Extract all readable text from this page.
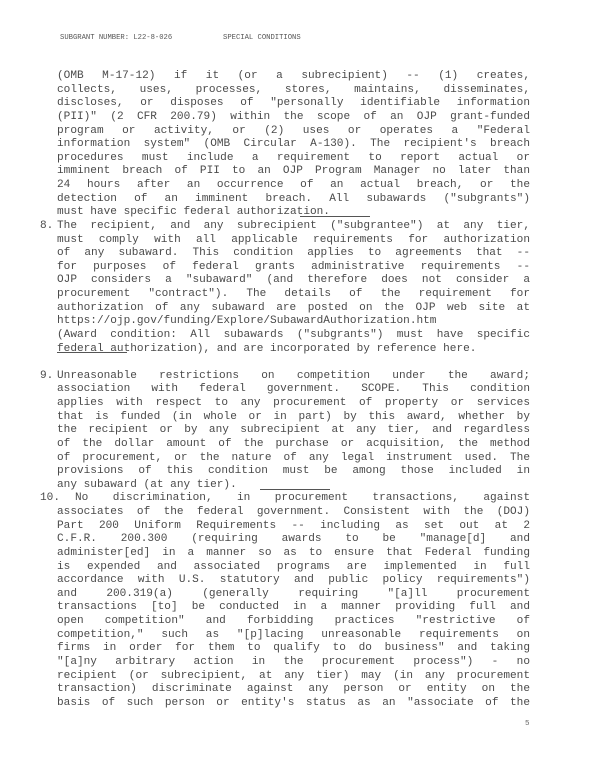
SUBGRANT NUMBER: L22-8-026

	SPECIAL CONDITIONS

(OMB M-17-12) if it (or a subrecipient) -- (1) creates,
collects, uses, processes, stores, maintains, disseminates,
discloses, or disposes of "personally identifiable information
(PII)" (2 CFR 200.79) within the scope of an OJP grant-funded
program or activity, or (2) uses or operates a "Federal
information system" (OMB Circular A-130). The recipient's breach
procedures must include a requirement to report actual or
imminent breach of PII to an OJP Program Manager no later than
24 hours after an occurrence of an actual breach, or the
detection of an imminent breach. All subawards ("subgrants")
must have specific federal authorization.
8. The recipient, and any subrecipient ("subgrantee") at any tier,
must comply with all applicable requirements for authorization
of any subaward. This condition applies to agreements that --
for purposes of federal grants administrative requirements --
OJP considers a "subaward" (and therefore does not consider a
procurement "contract"). The details of the requirement for
authorization of any subaward are posted on the OJP web site at
https://ojp.gov/funding/Explore/SubawardAuthorization.htm
(Award condition: All subawards ("subgrants") must have specific
federal authorization), and are incorporated by reference here.
9. Unreasonable restrictions on competition under the award;
association with federal government. SCOPE. This condition
applies with respect to any procurement of property or services
that is funded (in whole or in part) by this award, whether by
the recipient or by any subrecipient at any tier, and regardless
of the dollar amount of the purchase or acquisition, the method
of procurement, or the nature of any legal instrument used. The
provisions of this condition must be among those included in
any subaward (at any tier).
10. No discrimination, in procurement transactions, against
associates of the federal government. Consistent with the (DOJ)
Part 200 Uniform Requirements -- including as set out at 2
C.F.R. 200.300 (requiring awards to be "manage[d] and
administer[ed] in a manner so as to ensure that Federal funding
is expended and associated programs are implemented in full
accordance with U.S. statutory and public policy requirements")
and 200.319(a) (generally requiring "[a]ll procurement
transactions [to] be conducted in a manner providing full and
open competition" and forbidding practices "restrictive of
competition," such as "[p]lacing unreasonable requirements on
firms in order for them to qualify to do business" and taking
"[a]ny arbitrary action in the procurement process") - no
recipient (or subrecipient, at any tier) may (in any procurement
transaction) discriminate against any person or entity on the
basis of such person or entity's status as an "associate of the
5
